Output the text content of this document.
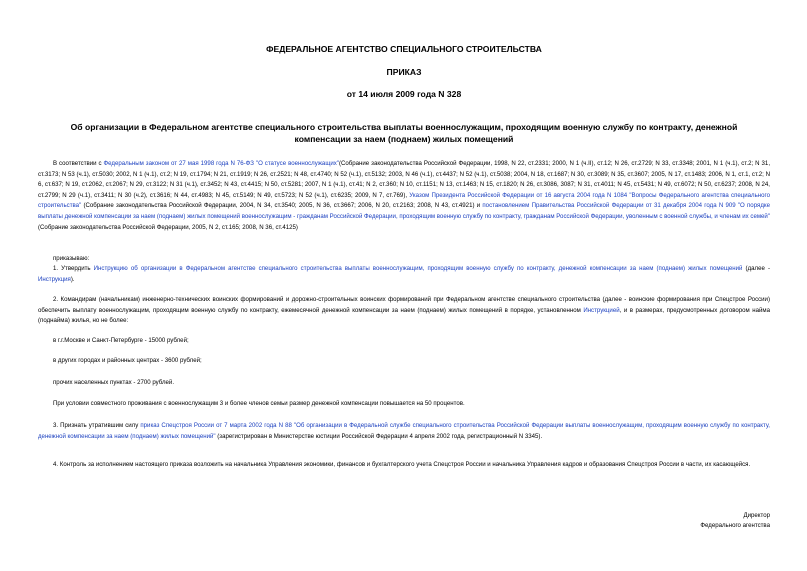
ФЕДЕРАЛЬНОЕ АГЕНТСТВО СПЕЦИАЛЬНОГО СТРОИТЕЛЬСТВА
ПРИКАЗ
от 14 июля 2009 года N 328
Об организации в Федеральном агентстве специального строительства выплаты военнослужащим, проходящим военную службу по контракту, денежной компенсации за наем (поднаем) жилых помещений
В соответствии с Федеральным законом от 27 мая 1998 года N 76-ФЗ "О статусе военнослужащих"(Собрание законодательства Российской Федерации, 1998, N 22, ст.2331; 2000, N 1 (ч.II), ст.12; N 26, ст.2729; N 33, ст.3348; 2001, N 1 (ч.1), ст.2; N 31, ст.3173; N 53 (ч.1), ст.5030; 2002, N 1 (ч.1), ст.2; N 19, ст.1794; N 21, ст.1919; N 26, ст.2521; N 48, ст.4740; N 52 (ч.1), ст.5132; 2003, N 46 (ч.1), ст.4437; N 52 (ч.1), ст.5038; 2004, N 18, ст.1687; N 30, ст.3089; N 35, ст.3607; 2005, N 17, ст.1483; 2006, N 1, ст.1, ст.2; N 6, ст.637; N 19, ст.2062, ст.2067; N 29, ст.3122; N 31 (ч.1), ст.3452; N 43, ст.4415; N 50, ст.5281; 2007, N 1 (ч.1), ст.41; N 2, ст.360; N 10, ст.1151; N 13, ст.1463; N 15, ст.1820; N 26, ст.3086, 3087; N 31, ст.4011; N 45, ст.5431; N 49, ст.6072; N 50, ст.6237; 2008, N 24, ст.2799; N 29 (ч.1), ст.3411; N 30 (ч.2), ст.3616; N 44, ст.4983; N 45, ст.5149; N 49, ст.5723; N 52 (ч.1), ст.6235; 2009, N 7, ст.769), Указом Президента Российской Федерации от 16 августа 2004 года N 1084 "Вопросы Федерального агентства специального строительства" (Собрание законодательства Российской Федерации, 2004, N 34, ст.3540; 2005, N 36, ст.3667; 2006, N 20, ст.2163; 2008, N 43, ст.4921) и постановлением Правительства Российской Федерации от 31 декабря 2004 года N 909 "О порядке выплаты денежной компенсации за наем (поднаем) жилых помещений военнослужащим - гражданам Российской Федерации, проходящим военную службу по контракту, гражданам Российской Федерации, уволенным с военной службы, и членам их семей" (Собрание законодательства Российской Федерации, 2005, N 2, ст.165; 2008, N 36, ст.4125)
приказываю:
1. Утвердить Инструкцию об организации в Федеральном агентстве специального строительства выплаты военнослужащим, проходящим военную службу по контракту, денежной компенсации за наем (поднаем) жилых помещений (далее - Инструкция).
2. Командирам (начальникам) инженерно-технических воинских формирований и дорожно-строительных воинских формирований при Федеральном агентстве специального строительства (далее - воинские формирования при Спецстрое России) обеспечить выплату военнослужащим, проходящим военную службу по контракту, ежемесячной денежной компенсации за наем (поднаем) жилых помещений в порядке, установленном Инструкцией, и в размерах, предусмотренных договором найма (поднайма) жилья, но не более:
в г.г.Москве и Санкт-Петербурге - 15000 рублей;
в других городах и районных центрах - 3600 рублей;
прочих населенных пунктах - 2700 рублей.
При условии совместного проживания с военнослужащим 3 и более членов семьи размер денежной компенсации повышается на 50 процентов.
3. Признать утратившим силу приказ Спецстроя России от 7 марта 2002 года N 88 "Об организации в Федеральной службе специального строительства Российской Федерации выплаты военнослужащим, проходящим военную службу по контракту, денежной компенсации за наем (поднаем) жилых помещений" (зарегистрирован в Министерстве юстиции Российской Федерации 4 апреля 2002 года, регистрационный N 3345).
4. Контроль за исполнением настоящего приказа возложить на начальника Управления экономики, финансов и бухгалтерского учета Спецстроя России и начальника Управления кадров и образования Спецстроя России в части, их касающейся.
Директор
Федерального агентства
